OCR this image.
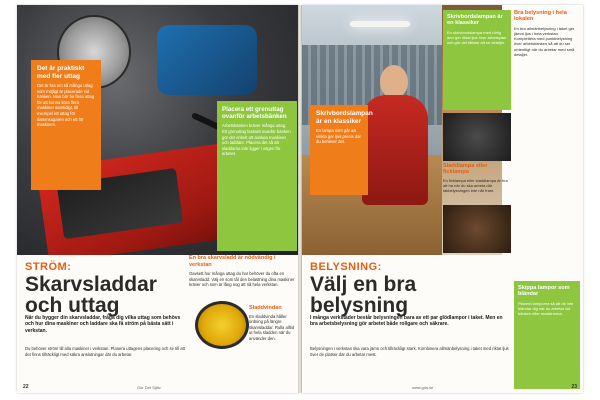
Det är praktiskt med fler uttag

Det är bra om så många uttag som möjligt är placerade vid bänken. Man bör ha flera uttag för att kunna köra flera maskiner samtidigt, till exempel ett uttag för dammsugaren och ett för maskinen.

Placera ett grenuttag ovanför arbetsbänken

Arbetsbänken kräver många uttag. Ett grenuttag fastsatt ovanför bänken gör det enkelt att ansluta maskiner och laddare. Placera det så att sladdarna inte ligger i vägen för arbetet.

STRÖM:
Skarvsladdar och uttag
När du bygger din skarvsladdar, fråga dig vilka uttag som behövs och hur dina maskiner och laddare ska få ström på bästa sätt i verkstan.
Du behöver ström till alla maskiner i verkstan. Planera uttagens placering och se till att det finns tillräckligt med säkra anslutningar där du arbetar.
En bra skarvsladd är nödvändig i verkstan

Oavsett hur många uttag du har behöver du ofta en skarvsladd. Välj en som tål den belastning dina maskiner kräver och som är lång nog att nå hela verkstan.

Sladdvindan

En sladdvinda håller ordning på längre skarvsladdar. Rulla alltid ut hela sladden när du använder den.

22	Gör Det Själv
Skrivbordslampan är en klassiker

En lampa som går att vinkla ger ljus precis där du behöver det.

Skrivbordslampan är en klassiker

En skrivbordslampa med rörlig arm ger riktat ljus över arbetsytan och gör det lättare att se detaljer.

Sladdlampa eller ficklampa

En ficklampa eller sladdlampa är bra att ha när du ska arbeta där takbelysningen inte når fram.

Bra belysning i hela lokalen

En bra allmänbelysning i taket ger jämnt ljus i hela verkstan. Komplettera med punktbelysning över arbetsbänken så att du ser ordentligt när du arbetar med små detaljer.

Skippa lampor som bländar

Placera lamporna så att de inte bländar dig när du arbetar vid bänken eller maskinerna.

BELYSNING:
Välj en bra belysning
I många verkstäder består belysningen bara av ett par glödlampor i taket. Men en bra arbetsbelysning gör arbetet både roligare och säkrare.
Belysningen i verkstan ska vara jämn och tillräckligt stark. Kombinera allmänbelysning i taket med riktat ljus över de platser där du arbetar mest.
www.gds.se	23
